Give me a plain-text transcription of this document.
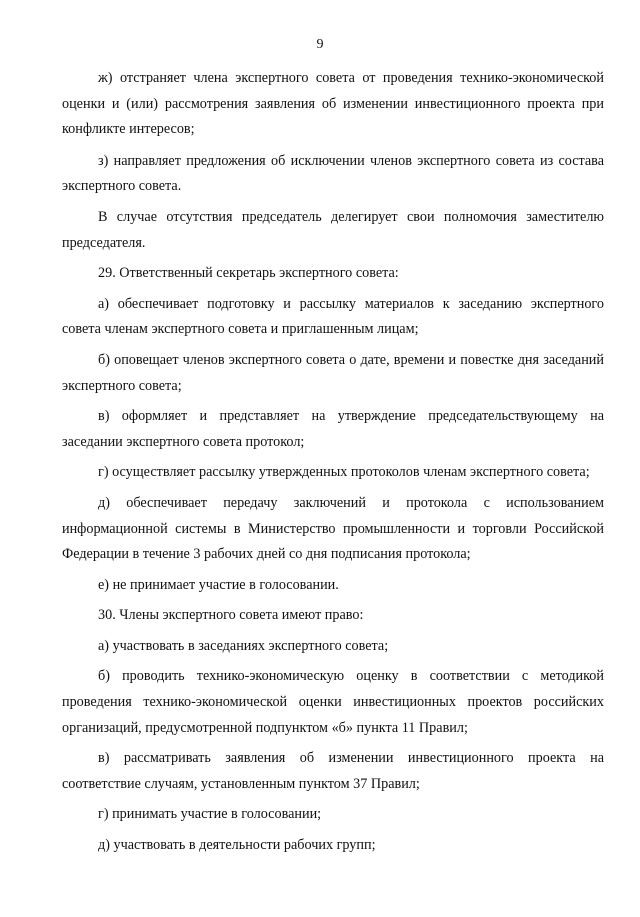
9

ж) отстраняет члена экспертного совета от проведения технико-экономической оценки и (или) рассмотрения заявления об изменении инвестиционного проекта при конфликте интересов;

з) направляет предложения об исключении членов экспертного совета из состава экспертного совета.

В случае отсутствия председатель делегирует свои полномочия заместителю председателя.

29. Ответственный секретарь экспертного совета:

а) обеспечивает подготовку и рассылку материалов к заседанию экспертного совета членам экспертного совета и приглашенным лицам;

б) оповещает членов экспертного совета о дате, времени и повестке дня заседаний экспертного совета;

в) оформляет и представляет на утверждение председательствующему на заседании экспертного совета протокол;

г) осуществляет рассылку утвержденных протоколов членам экспертного совета;

д) обеспечивает передачу заключений и протокола с использованием информационной системы в Министерство промышленности и торговли Российской Федерации в течение 3 рабочих дней со дня подписания протокола;

е) не принимает участие в голосовании.

30. Члены экспертного совета имеют право:

а) участвовать в заседаниях экспертного совета;

б) проводить технико-экономическую оценку в соответствии с методикой проведения технико-экономической оценки инвестиционных проектов российских организаций, предусмотренной подпунктом «б» пункта 11 Правил;

в) рассматривать заявления об изменении инвестиционного проекта на соответствие случаям, установленным пунктом 37 Правил;

г) принимать участие в голосовании;

д) участвовать в деятельности рабочих групп;
